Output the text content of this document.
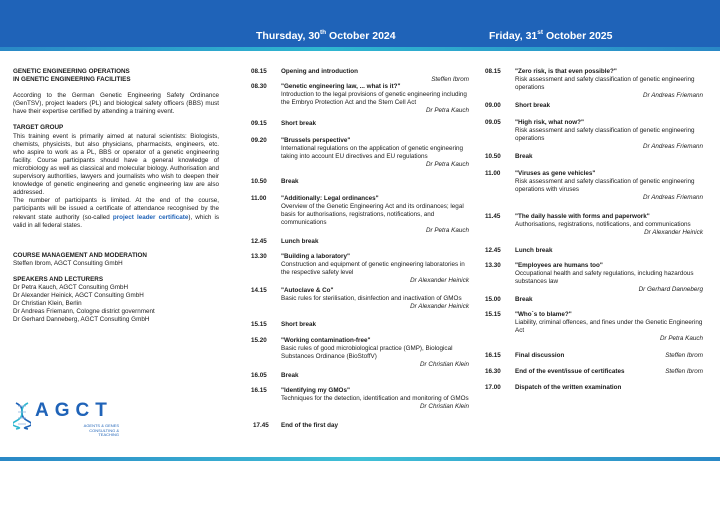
Thursday, 30th October 2024	Friday, 31st October 2025
GENETIC ENGINEERING OPERATIONS
IN GENETIC ENGINEERING FACILITIES

According to the German Genetic Engineering Safety Ordinance (GenTSV), project leaders (PL) and biological safety officers (BBS) must have their expertise certified by attending a training event.

TARGET GROUP

This training event is primarily aimed at natural scientists: Biologists, chemists, physicists, but also physicians, pharmacists, engineers, etc. who aspire to work as a PL, BBS or operator of a genetic engineering facility. Course participants should have a general knowledge of microbiology as well as classical and molecular biology. Authorisation and supervisory authorities, lawyers and journalists who wish to deepen their knowledge of genetic engineering and genetic engineering law are also addressed.

The number of participants is limited. At the end of the course, participants will be issued a certificate of attendance recognised by the relevant state authority (so-called project leader certificate), which is valid in all federal states.

COURSE MANAGEMENT AND MODERATION

Steffen Ibrom, AGCT Consulting GmbH

SPEAKERS AND LECTURERS

Dr Petra Kauch, AGCT Consulting GmbH

Dr Alexander Heinick, AGCT Consulting GmbH

Dr Christian Klein, Berlin

Dr Andreas Friemann, Cologne district government

Dr Gerhard Danneberg, AGCT Consulting GmbH

AGCT
AGENTS & GENES
CONSULTING & TEACHING
08.15	Opening and introduction
Steffen Ibrom
08.30	"Genetic engineering law, ... what is it?"
Introduction to the legal provisions of genetic engineering including the Embryo Protection Act and the Stem Cell Act
Dr Petra Kauch
09.15	Short break
09.20	"Brussels perspective"
International regulations on the application of genetic engineering taking into account EU directives and EU regulations
Dr Petra Kauch
10.50	Break
11.00	"Additionally: Legal ordinances"
Overview of the Genetic Engineering Act and its ordinances; legal basis for authorisations, registrations, notifications, and communications
Dr Petra Kauch
12.45	Lunch break
13.30	"Building a laboratory"
Construction and equipment of genetic engineering laboratories in the respective safety level
Dr Alexander Heinick
14.15	"Autoclave & Co"
Basic rules for sterilisation, disinfection and inactivation of GMOs
Dr Alexander Heinick
15.15	Short break
15.20	"Working contamination-free"
Basic rules of good microbiological practice (GMP), Biological Substances Ordinance (BioStoffV)
Dr Christian Klein
16.05	Break
16.15	"Identifying my GMOs"
Techniques for the detection, identification and monitoring of GMOs
Dr Christian Klein
17.45	End of the first day
08.15	"Zero risk, is that even possible?"
Risk assessment and safety classification of genetic engineering operations
Dr Andreas Friemann
09.00	Short break
09.05	"High risk, what now?"
Risk assessment and safety classification of genetic engineering operations
Dr Andreas Friemann
10.50	Break
11.00	"Viruses as gene vehicles"
Risk assessment and safety classification of genetic engineering operations with viruses
Dr Andreas Friemann
11.45	"The daily hassle with forms and paperwork"
Authorisations, registrations, notifications, and communications
Dr Alexander Heinick
12.45	Lunch break
13.30	"Employees are humans too"
Occupational health and safety regulations, including hazardous substances law
Dr Gerhard Danneberg
15.00	Break
15.15	"Who´s to blame?"
Liability, criminal offences, and fines under the Genetic Engineering Act
Dr Petra Kauch
16.15	Final discussion	Steffen Ibrom
16.30	End of the event/issue of certificates	Steffen Ibrom
17.00	Dispatch of the written examination
